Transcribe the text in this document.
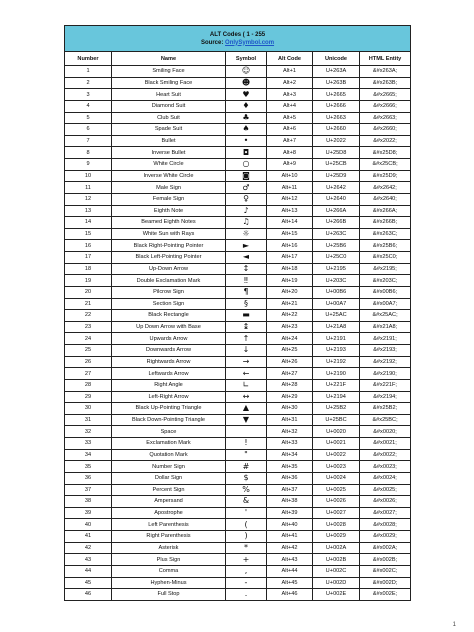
ALT Codes ( 1 - 255
Source: OnlySymbol.com					

Number	Name	Symbol	Alt Code	Unicode	HTML Entity
1	Smiling Face	☺	Alt+1	U+263A	&#x263A;
2	Black Smiling Face	☻	Alt+2	U+263B	&#x263B;
3	Heart Suit	♥	Alt+3	U+2665	&#x2665;
4	Diamond Suit	♦	Alt+4	U+2666	&#x2666;
5	Club Suit	♣	Alt+5	U+2663	&#x2663;
6	Spade Suit	♠	Alt+6	U+2660	&#x2660;
7	Bullet	•	Alt+7	U+2022	&#x2022;
8	Inverse Bullet	◘	Alt+8	U+25D8	&#x25D8;
9	White Circle	○	Alt+9	U+25CB	&#x25CB;
10	Inverse White Circle	◙	Alt+10	U+25D9	&#x25D9;
11	Male Sign	♂	Alt+11	U+2642	&#x2642;
12	Female Sign	♀	Alt+12	U+2640	&#x2640;
13	Eighth Note	♪	Alt+13	U+266A	&#x266A;
14	Beamed Eighth Notes	♫	Alt+14	U+266B	&#x266B;
15	White Sun with Rays	☼	Alt+15	U+263C	&#x263C;
16	Black Right-Pointing Pointer	►	Alt+16	U+25B6	&#x25B6;
17	Black Left-Pointing Pointer	◄	Alt+17	U+25C0	&#x25C0;
18	Up-Down Arrow	↕	Alt+18	U+2195	&#x2195;
19	Double Exclamation Mark	‼	Alt+19	U+203C	&#x203C;
20	Pilcrow Sign	¶	Alt+20	U+00B6	&#x00B6;
21	Section Sign	§	Alt+21	U+00A7	&#x00A7;
22	Black Rectangle	▬	Alt+22	U+25AC	&#x25AC;
23	Up Down Arrow with Base	↨	Alt+23	U+21A8	&#x21A8;
24	Upwards Arrow	↑	Alt+24	U+2191	&#x2191;
25	Downwards Arrow	↓	Alt+25	U+2193	&#x2193;
26	Rightwards Arrow	→	Alt+26	U+2192	&#x2192;
27	Leftwards Arrow	←	Alt+27	U+2190	&#x2190;
28	Right Angle	∟	Alt+28	U+221F	&#x221F;
29	Left-Right Arrow	↔	Alt+29	U+2194	&#x2194;
30	Black Up-Pointing Triangle	▲	Alt+30	U+25B2	&#x25B2;
31	Black Down-Pointing Triangle	▼	Alt+31	U+25BC	&#x25BC;
32	Space		Alt+32	U+0020	&#x0020;
33	Exclamation Mark	!	Alt+33	U+0021	&#x0021;
34	Quotation Mark	"	Alt+34	U+0022	&#x0022;
35	Number Sign	#	Alt+35	U+0023	&#x0023;
36	Dollar Sign	$	Alt+36	U+0024	&#x0024;
37	Percent Sign	%	Alt+37	U+0025	&#x0025;
38	Ampersand	&	Alt+38	U+0026	&#x0026;
39	Apostrophe	'	Alt+39	U+0027	&#x0027;
40	Left Parenthesis	(	Alt+40	U+0028	&#x0028;
41	Right Parenthesis	)	Alt+41	U+0029	&#x0029;
42	Asterisk	*	Alt+42	U+002A	&#x002A;
43	Plus Sign	+	Alt+43	U+002B	&#x002B;
44	Comma	,	Alt+44	U+002C	&#x002C;
45	Hyphen-Minus	-	Alt+45	U+002D	&#x002D;
46	Full Stop	.	Alt+46	U+002E	&#x002E;
1
